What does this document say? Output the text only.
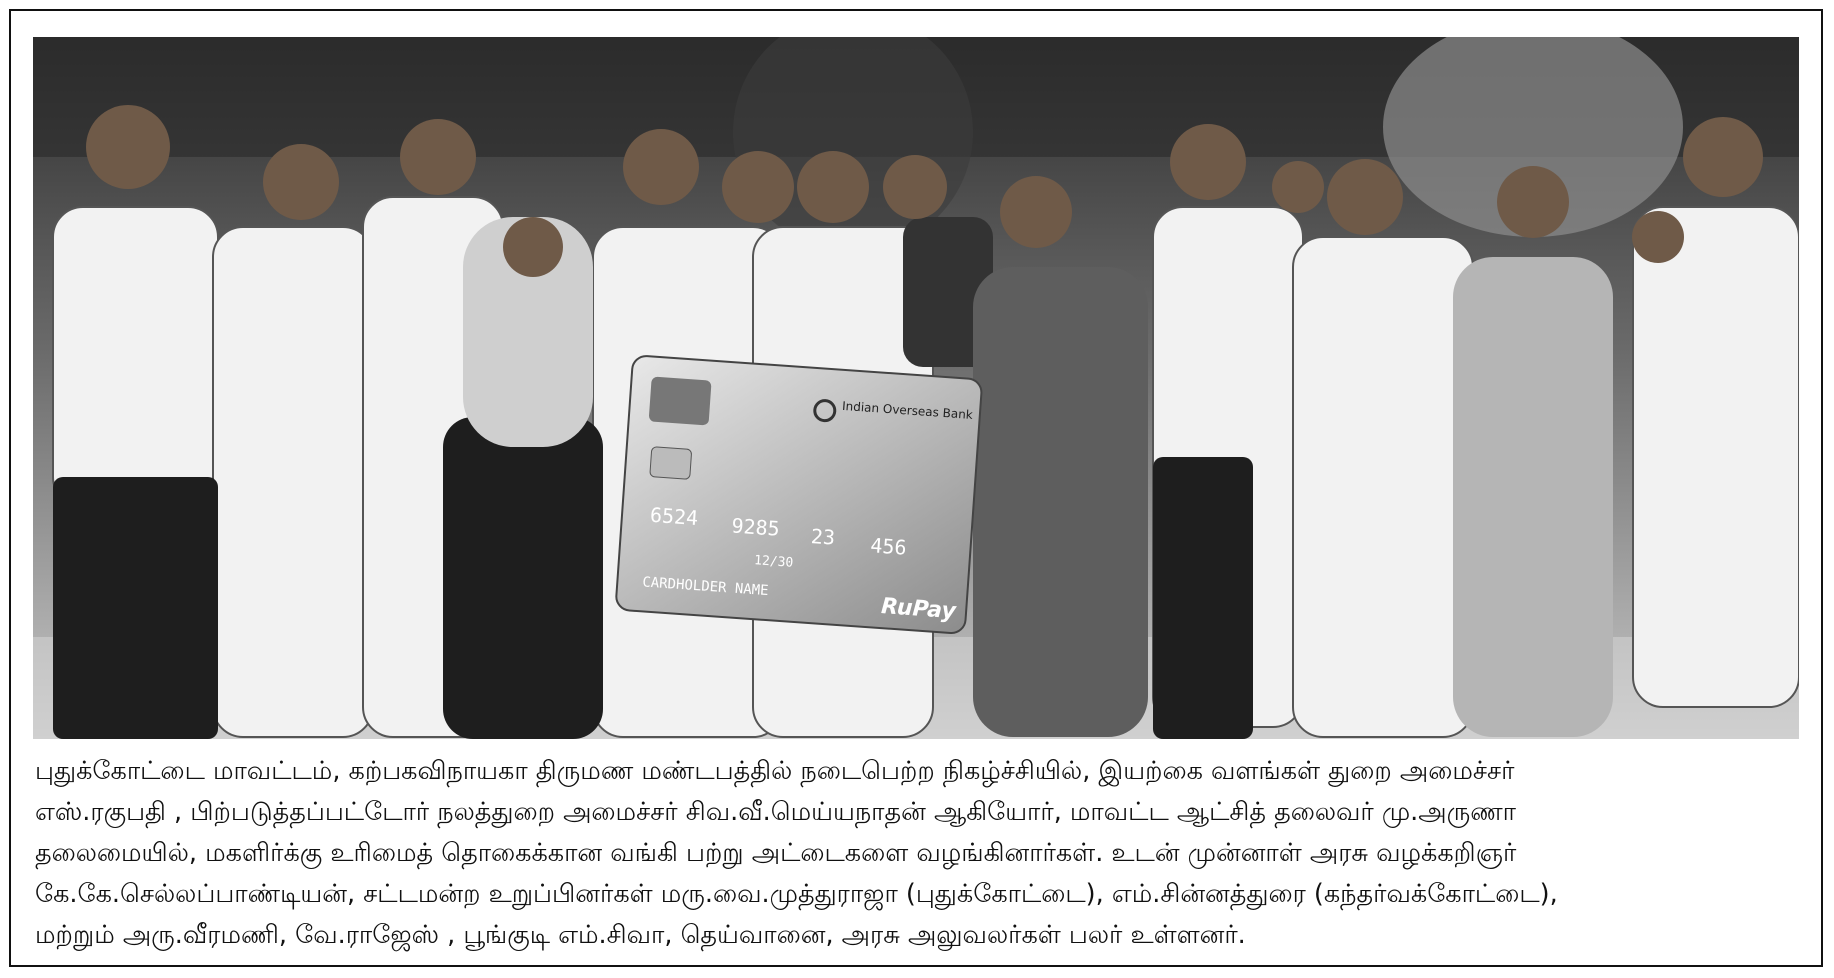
Indian Overseas Bank
6524 9285 23 456
12/30
CARDHOLDER NAME
RuPay
புதுக்கோட்டை மாவட்டம், கற்பகவிநாயகா திருமண மண்டபத்தில் நடைபெற்ற நிகழ்ச்சியில், இயற்கை வளங்கள் துறை அமைச்சர்
எஸ்.ரகுபதி , பிற்படுத்தப்பட்டோர் நலத்துறை அமைச்சர் சிவ.வீ.மெய்யநாதன் ஆகியோர், மாவட்ட ஆட்சித் தலைவர் மு.அருணா
தலைமையில், மகளிர்க்கு உரிமைத் தொகைக்கான வங்கி பற்று அட்டைகளை வழங்கினார்கள். உடன் முன்னாள் அரசு வழக்கறிஞர்
கே.கே.செல்லப்பாண்டியன், சட்டமன்ற உறுப்பினர்கள் மரு.வை.முத்துராஜா (புதுக்கோட்டை), எம்.சின்னத்துரை (கந்தர்வக்கோட்டை),
மற்றும் அரு.வீரமணி, வே.ராஜேஸ் , பூங்குடி எம்.சிவா, தெய்வானை, அரசு அலுவலர்கள் பலர் உள்ளனர்.
